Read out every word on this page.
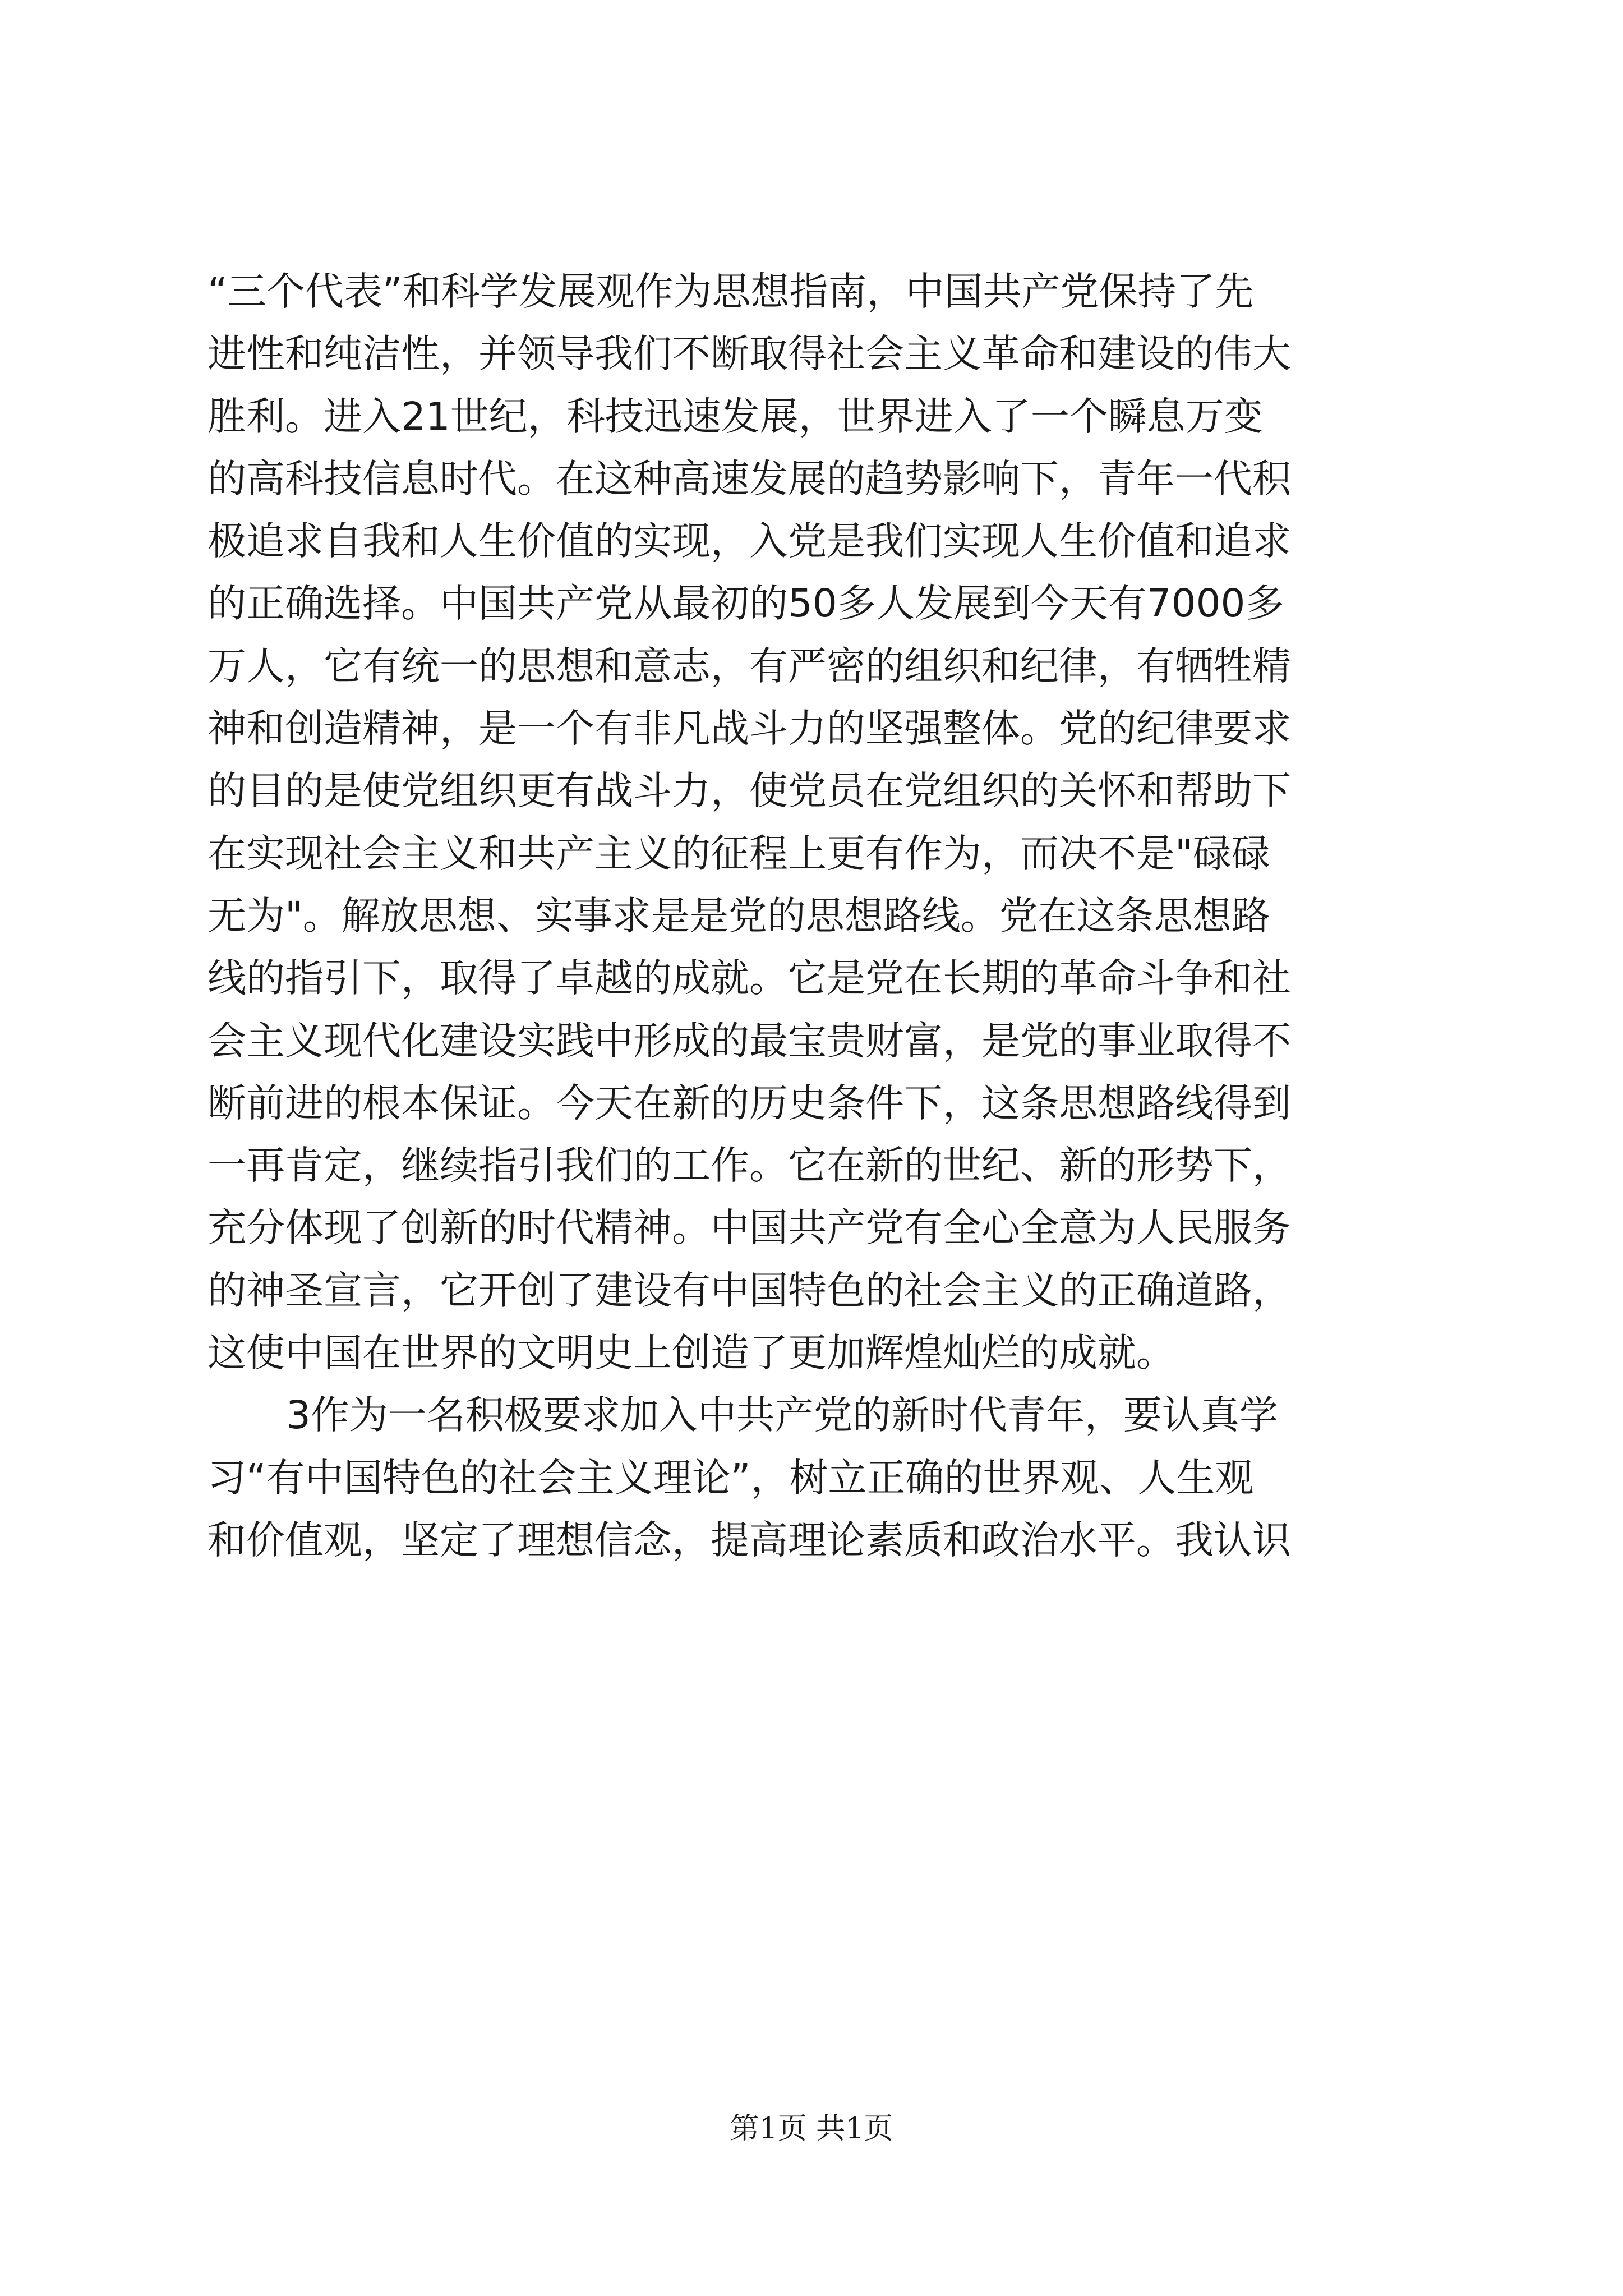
“三个代表”和科学发展观作为思想指南，中国共产党保持了先
进性和纯洁性，并领导我们不断取得社会主义革命和建设的伟大
胜利。进入21世纪，科技迅速发展，世界进入了一个瞬息万变
的高科技信息时代。在这种高速发展的趋势影响下，青年一代积
极追求自我和人生价值的实现，入党是我们实现人生价值和追求
的正确选择。中国共产党从最初的50多人发展到今天有7000多
万人，它有统一的思想和意志，有严密的组织和纪律，有牺牲精
神和创造精神，是一个有非凡战斗力的坚强整体。党的纪律要求
的目的是使党组织更有战斗力，使党员在党组织的关怀和帮助下
在实现社会主义和共产主义的征程上更有作为，而决不是"碌碌
无为"。解放思想、实事求是是党的思想路线。党在这条思想路
线的指引下，取得了卓越的成就。它是党在长期的革命斗争和社
会主义现代化建设实践中形成的最宝贵财富，是党的事业取得不
断前进的根本保证。今天在新的历史条件下，这条思想路线得到
一再肯定，继续指引我们的工作。它在新的世纪、新的形势下，
充分体现了创新的时代精神。中国共产党有全心全意为人民服务
的神圣宣言，它开创了建设有中国特色的社会主义的正确道路，
这使中国在世界的文明史上创造了更加辉煌灿烂的成就。
3作为一名积极要求加入中共产党的新时代青年，要认真学
习“有中国特色的社会主义理论”，树立正确的世界观、人生观
和价值观，坚定了理想信念，提高理论素质和政治水平。我认识
第1页 共1页
